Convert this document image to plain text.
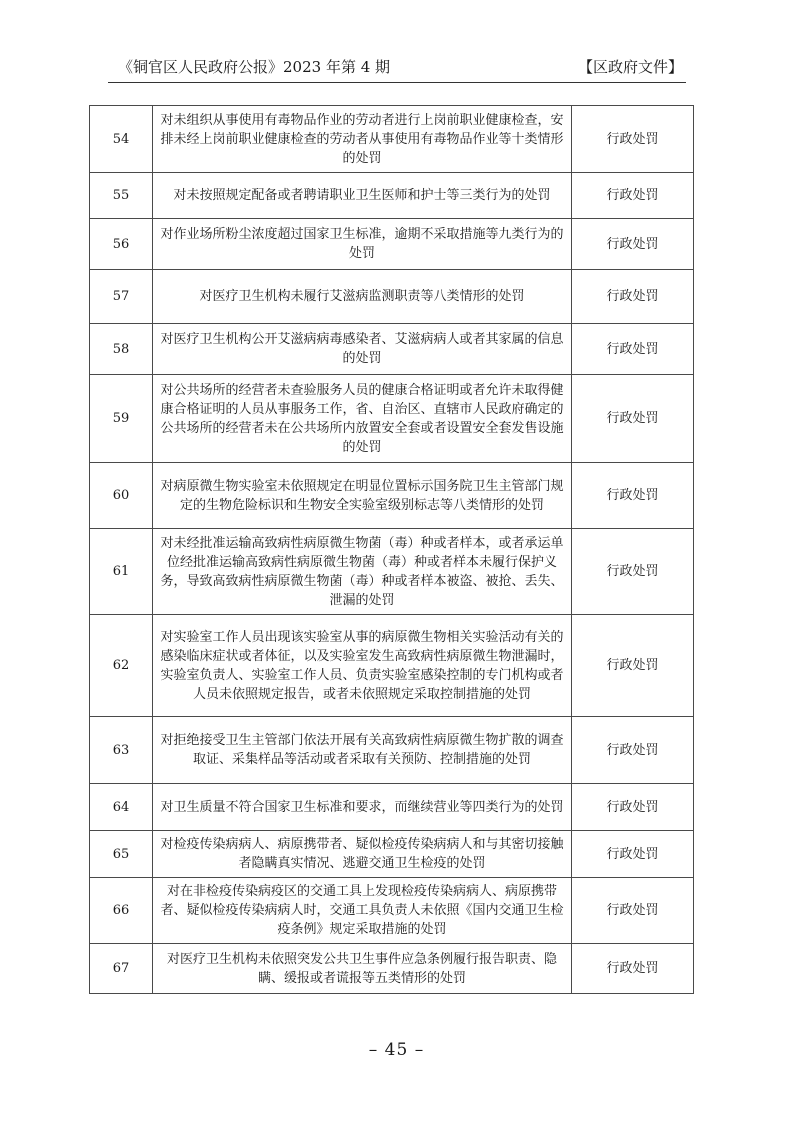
《铜官区人民政府公报》2023 年第 4 期	【区政府文件】
54	对未组织从事使用有毒物品作业的劳动者进行上岗前职业健康检查，安排未经上岗前职业健康检查的劳动者从事使用有毒物品作业等十类情形的处罚	行政处罚
55	对未按照规定配备或者聘请职业卫生医师和护士等三类行为的处罚	行政处罚
56	对作业场所粉尘浓度超过国家卫生标准，逾期不采取措施等九类行为的处罚	行政处罚
57	对医疗卫生机构未履行艾滋病监测职责等八类情形的处罚	行政处罚
58	对医疗卫生机构公开艾滋病病毒感染者、艾滋病病人或者其家属的信息的处罚	行政处罚
59	对公共场所的经营者未查验服务人员的健康合格证明或者允许未取得健康合格证明的人员从事服务工作，省、自治区、直辖市人民政府确定的公共场所的经营者未在公共场所内放置安全套或者设置安全套发售设施的处罚	行政处罚
60	对病原微生物实验室未依照规定在明显位置标示国务院卫生主管部门规定的生物危险标识和生物安全实验室级别标志等八类情形的处罚	行政处罚
61	对未经批准运输高致病性病原微生物菌（毒）种或者样本，或者承运单位经批准运输高致病性病原微生物菌（毒）种或者样本未履行保护义务，导致高致病性病原微生物菌（毒）种或者样本被盗、被抢、丢失、泄漏的处罚	行政处罚
62	对实验室工作人员出现该实验室从事的病原微生物相关实验活动有关的感染临床症状或者体征，以及实验室发生高致病性病原微生物泄漏时，实验室负责人、实验室工作人员、负责实验室感染控制的专门机构或者人员未依照规定报告，或者未依照规定采取控制措施的处罚	行政处罚
63	对拒绝接受卫生主管部门依法开展有关高致病性病原微生物扩散的调查取证、采集样品等活动或者采取有关预防、控制措施的处罚	行政处罚
64	对卫生质量不符合国家卫生标准和要求，而继续营业等四类行为的处罚	行政处罚
65	对检疫传染病病人、病原携带者、疑似检疫传染病病人和与其密切接触者隐瞒真实情况、逃避交通卫生检疫的处罚	行政处罚
66	对在非检疫传染病疫区的交通工具上发现检疫传染病病人、病原携带者、疑似检疫传染病病人时，交通工具负责人未依照《国内交通卫生检疫条例》规定采取措施的处罚	行政处罚
67	对医疗卫生机构未依照突发公共卫生事件应急条例履行报告职责、隐瞒、缓报或者谎报等五类情形的处罚	行政处罚
– 45 –
